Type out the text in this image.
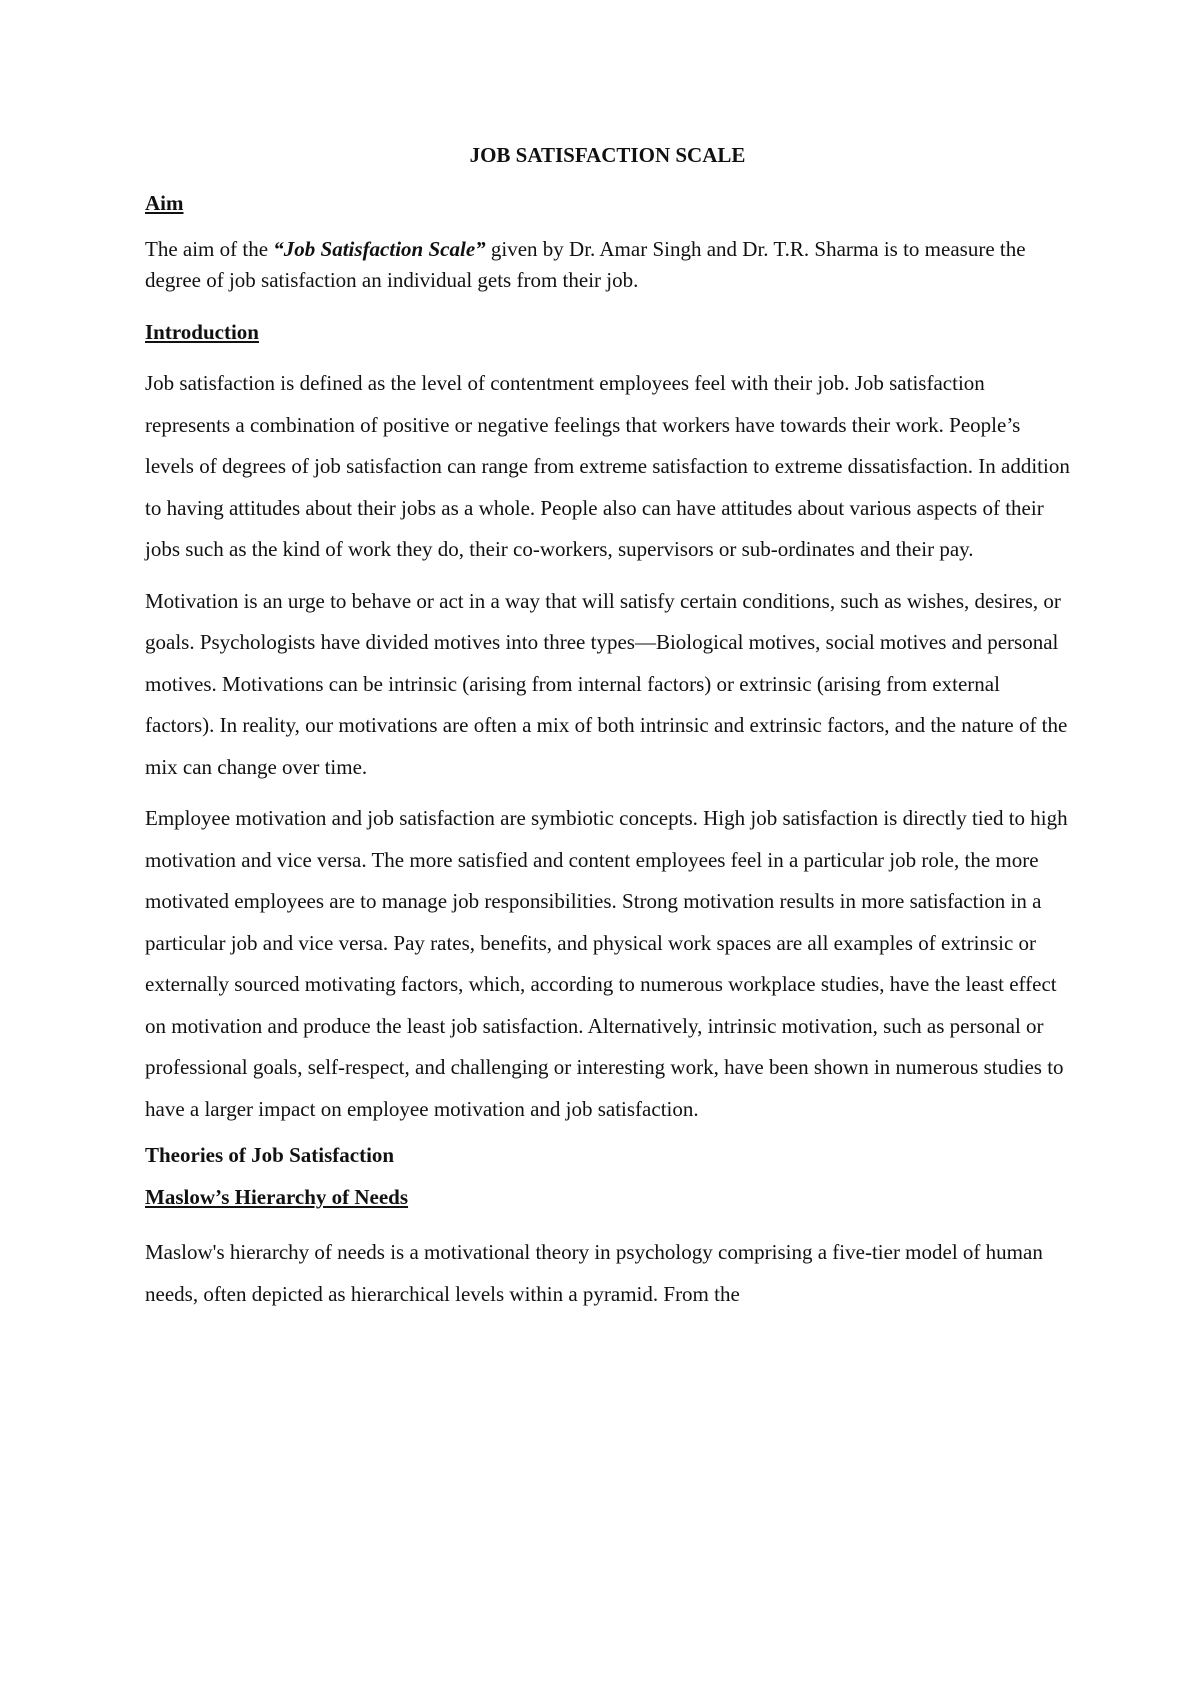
JOB SATISFACTION SCALE
Aim

The aim of the “Job Satisfaction Scale” given by Dr. Amar Singh and Dr. T.R. Sharma is to measure the degree of job satisfaction an individual gets from their job.

Introduction

Job satisfaction is defined as the level of contentment employees feel with their job. Job satisfaction represents a combination of positive or negative feelings that workers have towards their work. People’s levels of degrees of job satisfaction can range from extreme satisfaction to extreme dissatisfaction. In addition to having attitudes about their jobs as a whole. People also can have attitudes about various aspects of their jobs such as the kind of work they do, their co-workers, supervisors or sub-ordinates and their pay.

Motivation is an urge to behave or act in a way that will satisfy certain conditions, such as wishes, desires, or goals. Psychologists have divided motives into three types—Biological motives, social motives and personal motives. Motivations can be intrinsic (arising from internal factors) or extrinsic (arising from external factors). In reality, our motivations are often a mix of both intrinsic and extrinsic factors, and the nature of the mix can change over time.

Employee motivation and job satisfaction are symbiotic concepts. High job satisfaction is directly tied to high motivation and vice versa. The more satisfied and content employees feel in a particular job role, the more motivated employees are to manage job responsibilities. Strong motivation results in more satisfaction in a particular job and vice versa. Pay rates, benefits, and physical work spaces are all examples of extrinsic or externally sourced motivating factors, which, according to numerous workplace studies, have the least effect on motivation and produce the least job satisfaction. Alternatively, intrinsic motivation, such as personal or professional goals, self-respect, and challenging or interesting work, have been shown in numerous studies to have a larger impact on employee motivation and job satisfaction.

Theories of Job Satisfaction
Maslow’s Hierarchy of Needs

Maslow's hierarchy of needs is a motivational theory in psychology comprising a five-tier model of human needs, often depicted as hierarchical levels within a pyramid. From the
